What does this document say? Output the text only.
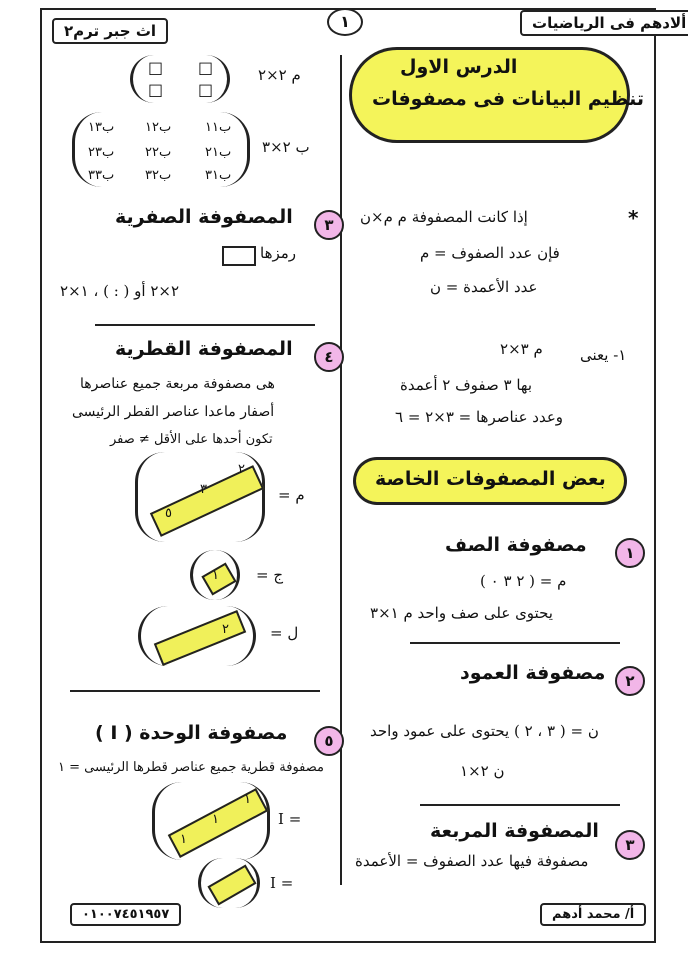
اث جبر ترم٢	١	ألادهم فى الرياضيات
الدرس الاول
تنظيم البيانات فى مصفوفات
*
إذا كانت المصفوفة م م×ن
فإن عدد الصفوف = م
عدد الأعمدة = ن
١- يعنى
م ٣×٢
بها ٣ صفوف ٢ أعمدة
وعدد عناصرها = ٣×٢ = ٦
بعض المصفوفات الخاصة
١
مصفوفة الصف
م = ( ٢ ٣ ٠ )
يحتوى على صف واحد م ١×٣
٢
مصفوفة العمود
ن = ( ٣ ، ٢ ) يحتوى على عمود واحد
ن ٢×١
٣
المصفوفة المربعة
مصفوفة فيها عدد الصفوف = الأعمدة
□ □
□ □
م ٢×٢
ب١٣ ب١٢	ب١١
ب٢٣ ب٢٢	ب٢١
ب٣٣ ب٣٢	ب٣١
ب ٢×٣
٣
المصفوفة الصفرية
رمزها
٢×٢ أو ( : ) ، ١×٢
٤
المصفوفة القطرية
هى مصفوفة مربعة جميع عناصرها
أصفار ماعدا عناصر القطر الرئيسى
تكون أحدها على الأقل ≠ صفر
٢
٣
٥
م =
١ ج =
٢	ل =
٥
مصفوفة الوحدة ( I )
مصفوفة قطرية جميع عناصر قطرها الرئيسى = ١
١
١
١
= I
= I
٠١٠٠٧٤٥١٩٥٧	أ/ محمد أدهم
